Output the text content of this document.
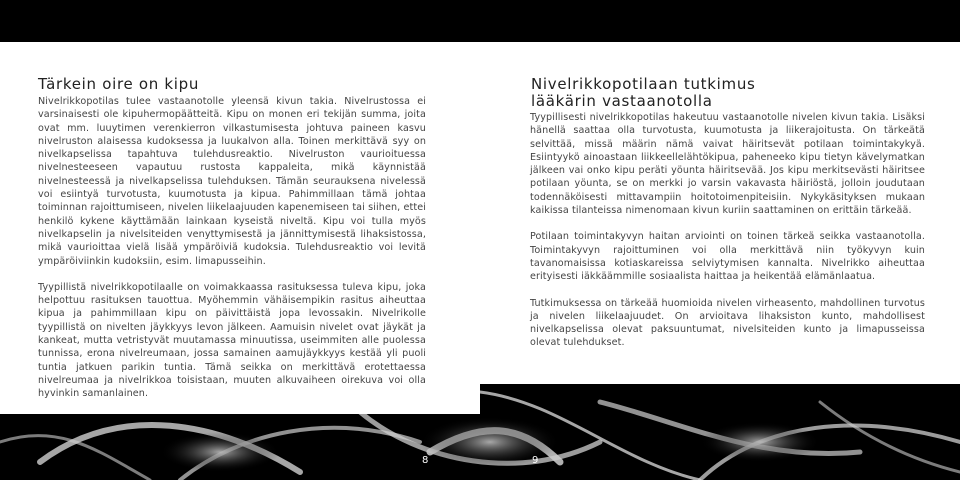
Tärkein oire on kipu

Nivelrikkopotilas tulee vastaanotolle yleensä kivun takia. Nivelrustossa ei varsinaisesti ole kipuhermopäätteitä. Kipu on monen eri tekijän summa, joita ovat mm. luuytimen verenkierron vilkastumisesta johtuva paineen kasvu nivelruston alaisessa kudoksessa ja luukalvon alla. Toinen merkittävä syy on nivelkapselissa tapahtuva tulehdusreaktio. Nivelruston vaurioituessa nivelnesteeseen vapautuu rustosta kappaleita, mikä käynnistää nivelnesteessä ja nivelkapselissa tulehduksen. Tämän seurauksena nivelessä voi esiintyä turvotusta, kuumotusta ja kipua. Pahimmillaan tämä johtaa toiminnan rajoittumiseen, nivelen liikelaajuuden kapenemiseen tai siihen, ettei henkilö kykene käyttämään lainkaan kyseistä niveltä. Kipu voi tulla myös nivelkapselin ja nivelsiteiden venyttymisestä ja jännittymisestä lihaksistossa, mikä vaurioittaa vielä lisää ympäröiviä kudoksia. Tulehdusreaktio voi levitä ympäröiviinkin kudoksiin, esim. limapusseihin.

Tyypillistä nivelrikkopotilaalle on voimakkaassa rasituksessa tuleva kipu, joka helpottuu rasituksen tauottua. Myöhemmin vähäisempikin rasitus aiheuttaa kipua ja pahimmillaan kipu on päivittäistä jopa levossakin. Nivelrikolle tyypillistä on nivelten jäykkyys levon jälkeen. Aamuisin nivelet ovat jäykät ja kankeat, mutta vetristyvät muutamassa minuutissa, useimmiten alle puolessa tunnissa, erona nivelreumaan, jossa samainen aamujäykkyys kestää yli puoli tuntia jatkuen parikin tuntia. Tämä seikka on merkittävä erotettaessa nivelreumaa ja nivelrikkoa toisistaan, muuten alkuvaiheen oirekuva voi olla hyvinkin samanlainen.

Nivelrikkopotilaan tutkimus
lääkärin vastaanotolla

Tyypillisesti nivelrikkopotilas hakeutuu vastaanotolle nivelen kivun takia. Lisäksi hänellä saattaa olla turvotusta, kuumotusta ja liikerajoitusta. On tärkeätä selvittää, missä määrin nämä vaivat häiritsevät potilaan toimintakykyä. Esiintyykö ainoastaan liikkeellelähtökipua, paheneeko kipu tietyn kävelymatkan jälkeen vai onko kipu peräti yöunta häiritsevää. Jos kipu merkitsevästi häiritsee potilaan yöunta, se on merkki jo varsin vakavasta häiriöstä, jolloin joudutaan todennäköisesti mittavampiin hoitotoimenpiteisiin. Nykykäsityksen mukaan kaikissa tilanteissa nimenomaan kivun kuriin saattaminen on erittäin tärkeää.

Potilaan toimintakyvyn haitan arviointi on toinen tärkeä seikka vastaanotolla. Toimintakyvyn rajoittuminen voi olla merkittävä niin työkyvyn kuin tavanomaisissa kotiaskareissa selviytymisen kannalta. Nivelrikko aiheuttaa erityisesti iäkkäämmille sosiaalista haittaa ja heikentää elämänlaatua.

Tutkimuksessa on tärkeää huomioida nivelen virheasento, mahdollinen turvotus ja nivelen liikelaajuudet. On arvioitava lihaksiston kunto, mahdollisest nivelkapselissa olevat paksuuntumat, nivelsiteiden kunto ja limapusseissa olevat tulehdukset.

8	9
